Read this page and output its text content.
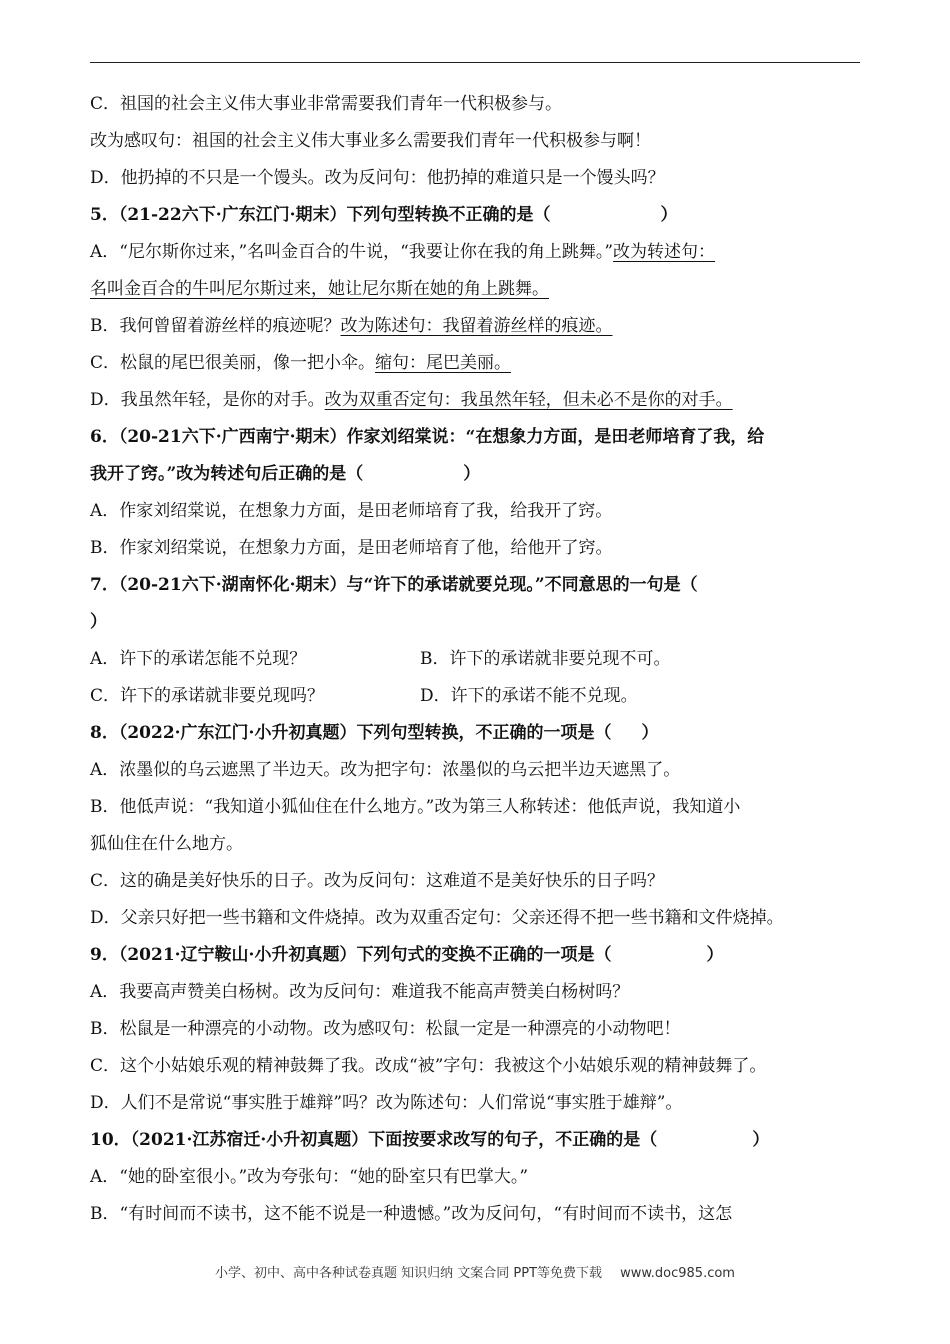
C．祖国的社会主义伟大事业非常需要我们青年一代积极参与。
改为感叹句：祖国的社会主义伟大事业多么需要我们青年一代积极参与啊！
D．他扔掉的不只是一个馒头。改为反问句：他扔掉的难道只是一个馒头吗？
5．（21-22六下·广东江门·期末）下列句型转换不正确的是（	）
A．“尼尔斯你过来，”名叫金百合的牛说，“我要让你在我的角上跳舞。”改为转述句：
名叫金百合的牛叫尼尔斯过来，她让尼尔斯在她的角上跳舞。
B．我何曾留着游丝样的痕迹呢？改为陈述句：我留着游丝样的痕迹。
C．松鼠的尾巴很美丽，像一把小伞。缩句：尾巴美丽。
D．我虽然年轻，是你的对手。改为双重否定句：我虽然年轻，但未必不是你的对手。
6．（20-21六下·广西南宁·期末）作家刘绍棠说：“在想象力方面，是田老师培育了我，给
我开了窍。”改为转述句后正确的是（	）
A．作家刘绍棠说，在想象力方面，是田老师培育了我，给我开了窍。
B．作家刘绍棠说，在想象力方面，是田老师培育了他，给他开了窍。
7．（20-21六下·湖南怀化·期末）与“许下的承诺就要兑现。”不同意思的一句是（
）
A．许下的承诺怎能不兑现？	B．许下的承诺就非要兑现不可。
C．许下的承诺就非要兑现吗？	D．许下的承诺不能不兑现。
8．（2022·广东江门·小升初真题）下列句型转换，不正确的一项是（ ）
A．浓墨似的乌云遮黑了半边天。改为把字句：浓墨似的乌云把半边天遮黑了。
B．他低声说：“我知道小狐仙住在什么地方。”改为第三人称转述：他低声说，我知道小
狐仙住在什么地方。
C．这的确是美好快乐的日子。改为反问句：这难道不是美好快乐的日子吗？
D．父亲只好把一些书籍和文件烧掉。改为双重否定句：父亲还得不把一些书籍和文件烧掉。
9．（2021·辽宁鞍山·小升初真题）下列句式的变换不正确的一项是（	）
A．我要高声赞美白杨树。改为反问句：难道我不能高声赞美白杨树吗？
B．松鼠是一种漂亮的小动物。改为感叹句：松鼠一定是一种漂亮的小动物吧！
C．这个小姑娘乐观的精神鼓舞了我。改成“被”字句：我被这个小姑娘乐观的精神鼓舞了。
D．人们不是常说“事实胜于雄辩”吗？改为陈述句：人们常说“事实胜于雄辩”。
10．（2021·江苏宿迁·小升初真题）下面按要求改写的句子，不正确的是（	）
A．“她的卧室很小。”改为夸张句：“她的卧室只有巴掌大。”
B．“有时间而不读书，这不能不说是一种遗憾。”改为反问句，“有时间而不读书，这怎
小学、初中、高中各种试卷真题 知识归纳 文案合同 PPT等免费下载 www.doc985.com
